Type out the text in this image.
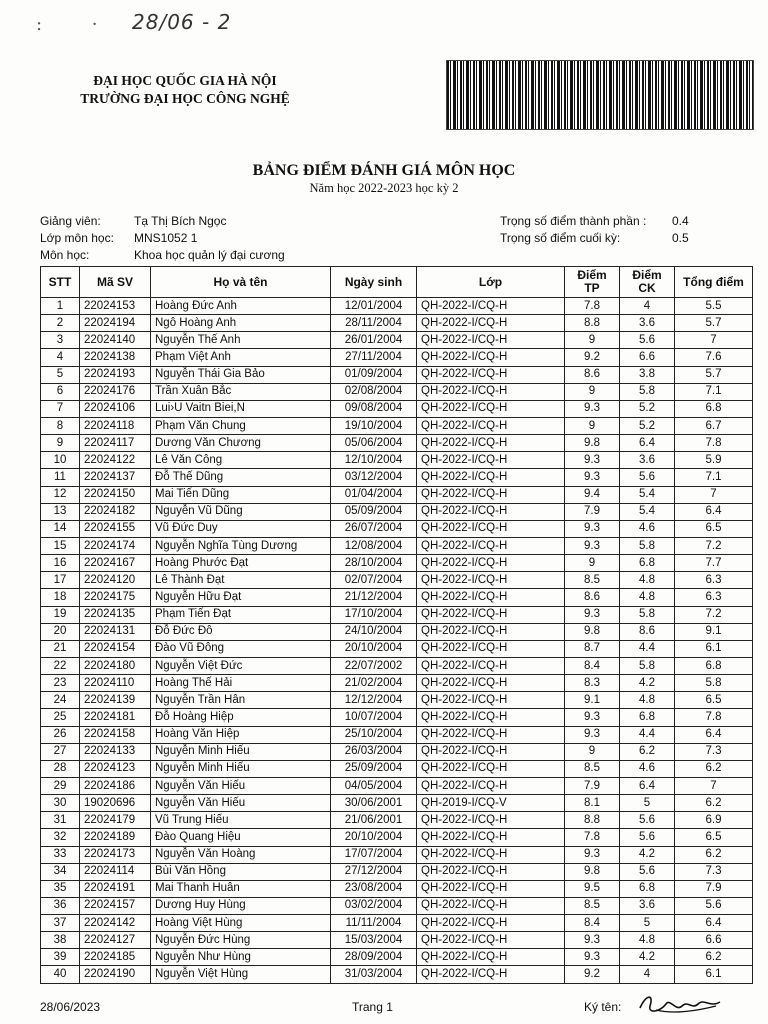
: · 28/06 - 2
ĐẠI HỌC QUỐC GIA HÀ NỘI
TRƯỜNG ĐẠI HỌC CÔNG NGHỆ
BẢNG ĐIỂM ĐÁNH GIÁ MÔN HỌC
Năm học 2022-2023 học kỳ 2
Giảng viên:	Tạ Thị Bích Ngọc
Lớp môn học: MNS1052 1
Môn học:	Khoa học quản lý đại cương
Trọng số điểm thành phần : 0.4
Trọng số điểm cuối kỳ:	0.5
STT	Mã SV	Họ và tên	Ngày sinh	Lớp	Điểm TP	Điểm CK	Tổng điểm
1	22024153	Hoàng Đức Anh	12/01/2004	QH-2022-I/CQ-H	7.8	4	5.5
2	22024194	Ngô Hoàng Anh	28/11/2004	QH-2022-I/CQ-H	8.8	3.6	5.7
3	22024140	Nguyễn Thế Anh	26/01/2004	QH-2022-I/CQ-H	9	5.6	7
4	22024138	Phạm Việt Anh	27/11/2004	QH-2022-I/CQ-H	9.2	6.6	7.6
5	22024193	Nguyễn Thái Gia Bảo	01/09/2004	QH-2022-I/CQ-H	8.6	3.8	5.7
6	22024176	Trần Xuân Bắc	02/08/2004	QH-2022-I/CQ-H	9	5.8	7.1
7	22024106	Lui›U Vaitn Biei,N	09/08/2004	QH-2022-I/CQ-H	9.3	5.2	6.8
8	22024118	Phạm Văn Chung	19/10/2004	QH-2022-I/CQ-H	9	5.2	6.7
9	22024117	Dương Văn Chương	05/06/2004	QH-2022-I/CQ-H	9.8	6.4	7.8
10	22024122	Lê Văn Công	12/10/2004	QH-2022-I/CQ-H	9.3	3.6	5.9
11	22024137	Đỗ Thế Dũng	03/12/2004	QH-2022-I/CQ-H	9.3	5.6	7.1
12	22024150	Mai Tiến Dũng	01/04/2004	QH-2022-I/CQ-H	9.4	5.4	7
13	22024182	Nguyễn Vũ Dũng	05/09/2004	QH-2022-I/CQ-H	7.9	5.4	6.4
14	22024155	Vũ Đức Duy	26/07/2004	QH-2022-I/CQ-H	9.3	4.6	6.5
15	22024174	Nguyễn Nghĩa Tùng Dương	12/08/2004	QH-2022-I/CQ-H	9.3	5.8	7.2
16	22024167	Hoàng Phước Đạt	28/10/2004	QH-2022-I/CQ-H	9	6.8	7.7
17	22024120	Lê Thành Đạt	02/07/2004	QH-2022-I/CQ-H	8.5	4.8	6.3
18	22024175	Nguyễn Hữu Đạt	21/12/2004	QH-2022-I/CQ-H	8.6	4.8	6.3
19	22024135	Phạm Tiến Đạt	17/10/2004	QH-2022-I/CQ-H	9.3	5.8	7.2
20	22024131	Đỗ Đức Đô	24/10/2004	QH-2022-I/CQ-H	9.8	8.6	9.1
21	22024154	Đào Vũ Đông	20/10/2004	QH-2022-I/CQ-H	8.7	4.4	6.1
22	22024180	Nguyễn Việt Đức	22/07/2002	QH-2022-I/CQ-H	8.4	5.8	6.8
23	22024110	Hoàng Thế Hải	21/02/2004	QH-2022-I/CQ-H	8.3	4.2	5.8
24	22024139	Nguyễn Trần Hân	12/12/2004	QH-2022-I/CQ-H	9.1	4.8	6.5
25	22024181	Đỗ Hoàng Hiệp	10/07/2004	QH-2022-I/CQ-H	9.3	6.8	7.8
26	22024158	Hoàng Văn Hiệp	25/10/2004	QH-2022-I/CQ-H	9.3	4.4	6.4
27	22024133	Nguyễn Minh Hiếu	26/03/2004	QH-2022-I/CQ-H	9	6.2	7.3
28	22024123	Nguyễn Minh Hiếu	25/09/2004	QH-2022-I/CQ-H	8.5	4.6	6.2
29	22024186	Nguyễn Văn Hiếu	04/05/2004	QH-2022-I/CQ-H	7.9	6.4	7
30	19020696	Nguyễn Văn Hiếu	30/06/2001	QH-2019-I/CQ-V	8.1	5	6.2
31	22024179	Vũ Trung Hiếu	21/06/2001	QH-2022-I/CQ-H	8.8	5.6	6.9
32	22024189	Đào Quang Hiệu	20/10/2004	QH-2022-I/CQ-H	7.8	5.6	6.5
33	22024173	Nguyễn Văn Hoàng	17/07/2004	QH-2022-I/CQ-H	9.3	4.2	6.2
34	22024114	Bùi Văn Hồng	27/12/2004	QH-2022-I/CQ-H	9.8	5.6	7.3
35	22024191	Mai Thanh Huân	23/08/2004	QH-2022-I/CQ-H	9.5	6.8	7.9
36	22024157	Dương Huy Hùng	03/02/2004	QH-2022-I/CQ-H	8.5	3.6	5.6
37	22024142	Hoàng Việt Hùng	11/11/2004	QH-2022-I/CQ-H	8.4	5	6.4
38	22024127	Nguyễn Đức Hùng	15/03/2004	QH-2022-I/CQ-H	9.3	4.8	6.6
39	22024185	Nguyễn Như Hùng	28/09/2004	QH-2022-I/CQ-H	9.3	4.2	6.2
40	22024190	Nguyễn Việt Hùng	31/03/2004	QH-2022-I/CQ-H	9.2	4	6.1
28/06/2023	Trang 1	Ký tên:
